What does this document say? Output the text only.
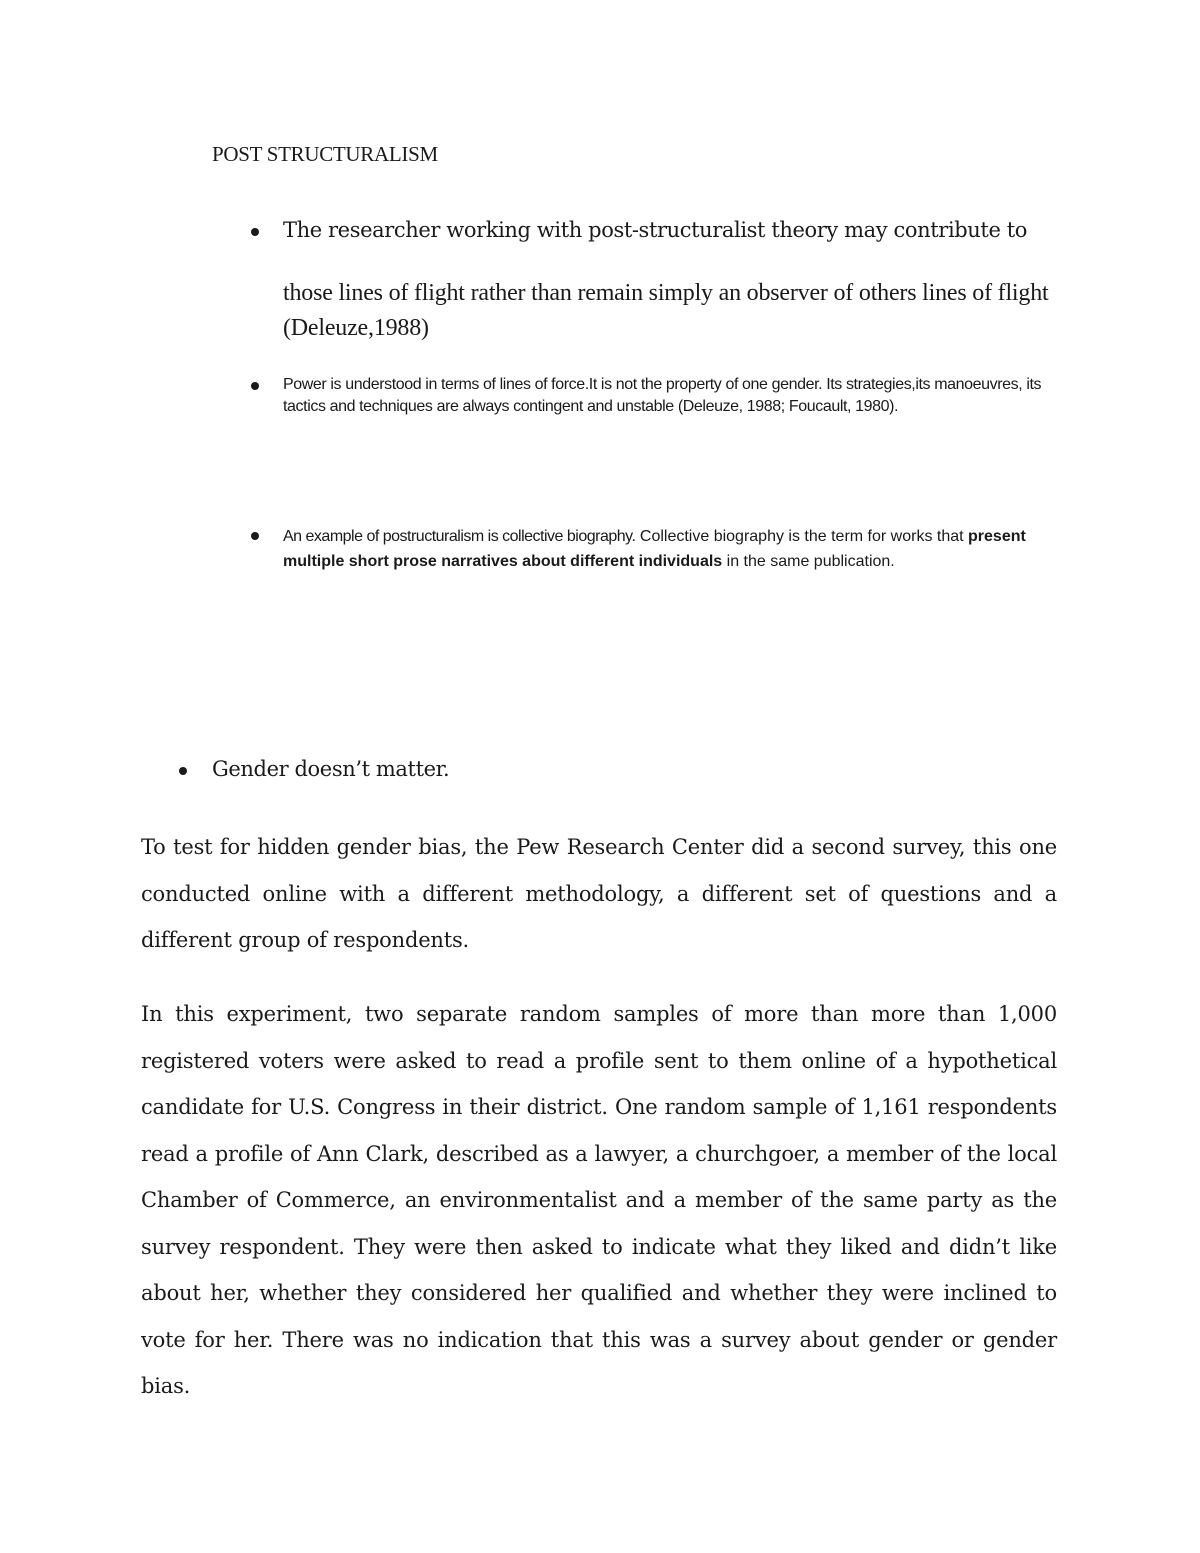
POST STRUCTURALISM
The researcher working with post-structuralist theory may contribute to
those lines of flight rather than remain simply an observer of others lines of flight (Deleuze,1988)
Power is understood in terms of lines of force.It is not the property of one gender. Its strategies,its manoeuvres, its tactics and techniques are always contingent and unstable (Deleuze, 1988; Foucault, 1980).
An example of postructuralism is collective biography. Collective biography is the term for works that present multiple short prose narratives about different individuals in the same publication.
Gender doesn’t matter.
To test for hidden gender bias, the Pew Research Center did a second survey, this one conducted online with a different methodology, a different set of questions and a different group of respondents.
In this experiment, two separate random samples of more than more than 1,000 registered voters were asked to read a profile sent to them online of a hypothetical candidate for U.S. Congress in their district. One random sample of 1,161 respondents read a profile of Ann Clark, described as a lawyer, a churchgoer, a member of the local Chamber of Commerce, an environmentalist and a member of the same party as the survey respondent. They were then asked to indicate what they liked and didn’t like about her, whether they considered her qualified and whether they were inclined to vote for her. There was no indication that this was a survey about gender or gender bias.
